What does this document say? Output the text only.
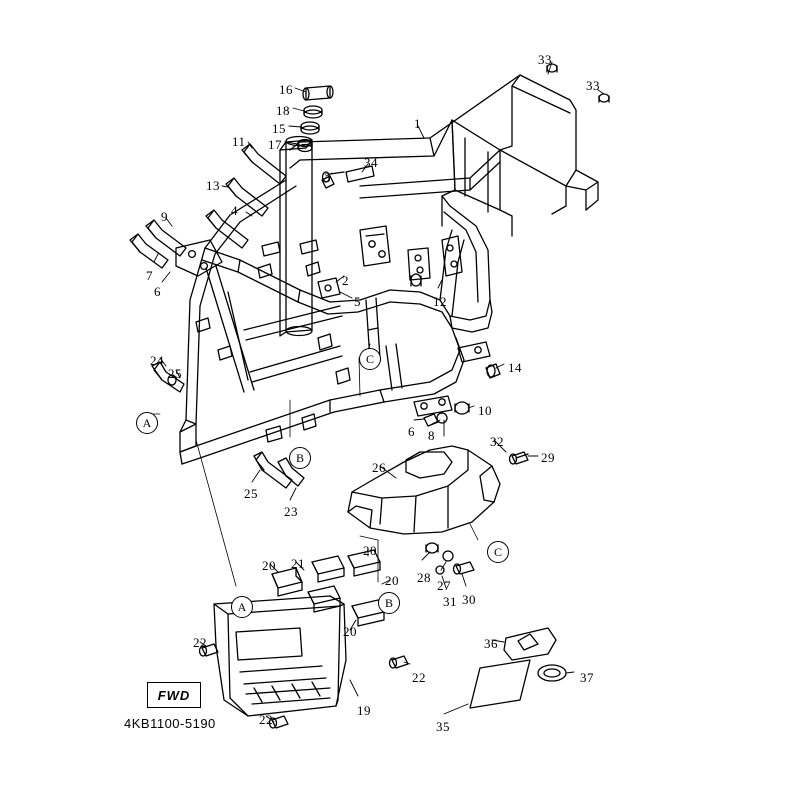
33
33
16
18
15
17
1
11
13
3
34
4
9
7
6
2
5	12
24
25	14
10
6 8
25
23
32
29
26
20 21
20
20
20
28
27
31 30
22
22
22
36
37
35
19
A
B
C
C
A	B
FWD
4KB1100-5190
